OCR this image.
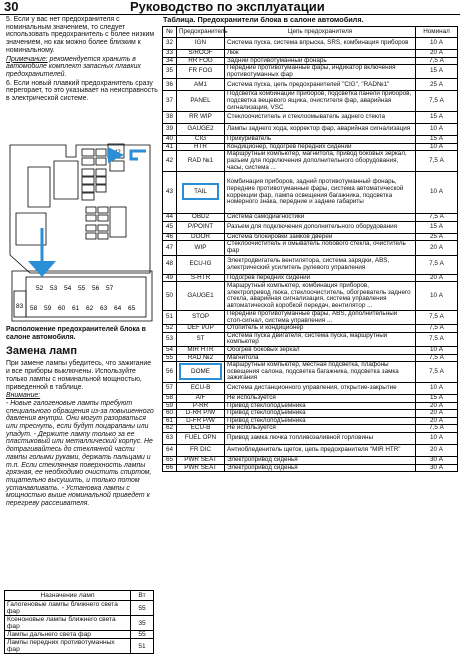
30	Руководство по эксплуатации

5. Если у вас нет предохранителя с номинальным значением, то следует использовать предохранитель с более низким значением, но как можно более близким к номинальному.

Примечание: рекомендуется хранить в автомобиле комплект запасных плавких предохранителей.

6. Если новый плавкий предохранитель сразу перегорает, то это указывает на неисправность в электрической системе.

52 53 54 55 56 57
58 59 60 61 62 63 64 65
83
Расположение предохранителей блока в салоне автомобиля.
Замена ламп

При замене лампы убедитесь, что зажигание и все приборы выключены. Используйте только лампы с номинальной мощностью, приведенной в таблице.

Внимание:

- Новые галогеновые лампы требуют специального обращения из-за повышенного давления внутри. Они могут разорваться или треснуть, если будут поцарапаны или упадут. - Держите лампу только за ее пластиковый или металлический корпус. Не дотрагивайтесь до стеклянной части лампы голыми руками, держать пальцами и т.п. Если стеклянная поверхность лампы грязная, ее необходимо очистить спиртом, тщательно высушить, и только потом устанавливать. - Установка лампы с мощностью выше номинальной приведет к перегреву рассеивателя.

Назначение ламп	Вт
Галогеновые лампы ближнего света фар	55
Ксеноновые лампы ближнего света фар	35
Лампы дальнего света фар	55
Лампы передних противотуманных фар	51
Таблица. Предохранители блока в салоне автомобиля.
№	Предохранитель	Цепь предохранителя	Номинал
32	IGN	Система пуска, система впрыска, SRS, комбинация приборов	10 А
33	S/ROOF	Люк	20 А
34	RR FOG	Задний противотуманный фонарь	7,5 А
35	FR FOG	Передние противотуманные фары, индикатор включения противотуманных фар	15 А
36	AM1	Система пуска, цепь предохранителей "CIG", "RAD№1"	25 А
37	PANEL	Подсветка комбинации приборов, подсветка панели приборов, подсветка вещевого ящика, очистителя фар, аварийная сигнализация, VSC	7,5 А
38	RR WIP	Стеклоочиститель и стеклоомыватель заднего стекла	15 А
39	GAUGE2	Лампы заднего хода, корректор фар, аварийная сигнализация	10 А
40	CIG	Прикуриватель	15 А
41	HTR	Кондиционер, подогрев передних сидений	10 А
42	RAD №1	Маршрутный компьютер, магнитола, привод боковых зеркал, разъем для подключения дополнительного оборудования, часы, система ...	7,5 А
43	TAIL	Комбинация приборов, задний противотуманный фонарь, передние противотуманные фары, система автоматической коррекции фар, лампа освещения багажника, подсветка номерного знака, передние и задние габариты	10 А
44	OBD2	Система самодиагностики	7,5 А
45	P/POINT	Разъем для подключения дополнительного оборудования	15 А
46	DOOR	Система блокировки замков дверей	25 А
47	WIP	Стеклоочиститель и омыватель лобового стекла, очиститель фар	20 А
48	ECU-IG	Электродвигатель вентилятора, система зарядки, ABS, электрический усилитель рулевого управления	7,5 А
49	S-HTR	Подогрев передних сидений	20 А
50	GAUGE1	Маршрутный компьютер, комбинация приборов, электропривод люка, стеклоочиститель, обогреватель заднего стекла, аварийная сигнализация, система управления автоматической коробкой передач, вентилятор ...	10 А
51	STOP	Передние противотуманные фары, ABS, дополнительный стоп-сигнал, система управления ...	7,5 А
52	DEF I/UP	Отопитель и кондиционер	7,5 А
53	ST	Система пуска двигателя, система пуска, маршрутный компьютер	7,5 А
54	MIR HTR	Обогрев боковых зеркал	10 А
55	RAD №2	Магнитола	7,5 А
56	DOME	Маршрутный компьютер, местная подсветка, плафоны освещения салона, подсветка багажника, подсветка замка зажигания	7,5 А
57	ECU-B	Система дистанционного управления, открытие-закрытие	10 А
58	A/F	Не используется	15 А
59	P-RR	Привод стеклоподъемника	20 А
60	D-RR P/W	Привод стеклоподъемника	20 А
61	D-FR P/W	Привод стеклоподъемника	20 А
62	ECU-B	Не используется	7,5 А
63	FUEL OPN	Привод замка лючка топливозаливной горловины	10 А
64	FR DIC	Антиобледенитель щеток, цепь предохранителя "MIR HTR"	20 А
65	PWR SEAT	Электропривод сиденья	30 А
66	PWR SEAT	Электропривод сиденья	30 А
